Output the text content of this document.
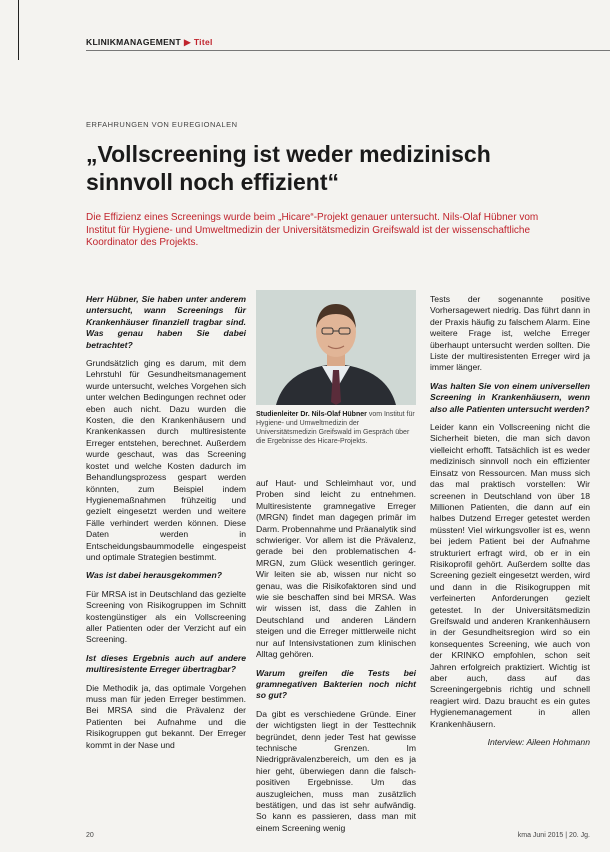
KLINIKMANAGEMENT ▶ Titel
ERFAHRUNGEN VON EUREGIONALEN
„Vollscreening ist weder medizinisch sinnvoll noch effizient“
Die Effizienz eines Screenings wurde beim „Hicare“-Projekt genauer untersucht. Nils-Olaf Hübner vom Institut für Hygiene- und Umweltmedizin der Universitätsmedizin Greifswald ist der wissenschaftliche Koordinator des Projekts.

Herr Hübner, Sie haben unter anderem untersucht, wann Screenings für Krankenhäuser finanziell tragbar sind. Was genau haben Sie dabei betrachtet?

Grundsätzlich ging es darum, mit dem Lehrstuhl für Gesundheitsmanagement wurde untersucht, welches Vorgehen sich unter welchen Bedingungen rechnet oder eben auch nicht. Dazu wurden die Kosten, die den Krankenhäusern und Krankenkassen durch multiresistente Erreger entstehen, berechnet. Außerdem wurde geschaut, was das Screening kostet und welche Kosten dadurch im Behandlungsprozess gespart werden könnten, zum Beispiel indem Hygienemaßnahmen frühzeitig und gezielt eingesetzt werden und weitere Fälle verhindert werden können. Diese Daten werden in Entscheidungsbaummodelle eingespeist und optimale Strategien bestimmt.

Was ist dabei herausgekommen?

Für MRSA ist in Deutschland das gezielte Screening von Risikogruppen im Schnitt kostengünstiger als ein Vollscreening aller Patienten oder der Verzicht auf ein Screening.

Ist dieses Ergebnis auch auf andere multiresistente Erreger übertragbar?

Die Methodik ja, das optimale Vorgehen muss man für jeden Erreger bestimmen. Bei MRSA sind die Prävalenz der Patienten bei Aufnahme und die Risikogruppen gut bekannt. Der Erreger kommt in der Nase und

Studienleiter Dr. Nils-Olaf Hübner vom Institut für Hygiene- und Umweltmedizin der Universitätsmedizin Greifswald im Gespräch über die Ergebnisse des Hicare-Projekts.

auf Haut- und Schleimhaut vor, und Proben sind leicht zu entnehmen. Multiresistente gramnegative Erreger (MRGN) findet man dagegen primär im Darm. Probennahme und Präanalytik sind schwieriger. Vor allem ist die Prävalenz, gerade bei den problematischen 4-MRGN, zum Glück wesentlich geringer. Wir leiten sie ab, wissen nur nicht so genau, was die Risikofaktoren sind und wie sie beschaffen sind bei MRSA. Was wir wissen ist, dass die Zahlen in Deutschland und anderen Ländern steigen und die Erreger mittlerweile nicht nur auf Intensivstationen zum klinischen Alltag gehören.

Warum greifen die Tests bei gramnegativen Bakterien noch nicht so gut?

Da gibt es verschiedene Gründe. Einer der wichtigsten liegt in der Testtechnik begründet, denn jeder Test hat gewisse technische Grenzen. Im Niedrigprävalenzbereich, um den es ja hier geht, überwiegen dann die falsch-positiven Ergebnisse. Um das auszugleichen, muss man zusätzlich bestätigen, und das ist sehr aufwändig. So kann es passieren, dass man mit einem Screening wenig

Tests der sogenannte positive Vorhersagewert niedrig. Das führt dann in der Praxis häufig zu falschem Alarm. Eine weitere Frage ist, welche Erreger überhaupt untersucht werden sollten. Die Liste der multiresistenten Erreger wird ja immer länger.

Was halten Sie von einem universellen Screening in Krankenhäusern, wenn also alle Patienten untersucht werden?

Leider kann ein Vollscreening nicht die Sicherheit bieten, die man sich davon vielleicht erhofft. Tatsächlich ist es weder medizinisch sinnvoll noch ein effizienter Einsatz von Ressourcen. Man muss sich das mal praktisch vorstellen: Wir screenen in Deutschland von über 18 Millionen Patienten, die dann auf ein halbes Dutzend Erreger getestet werden müssten! Viel wirkungsvoller ist es, wenn bei jedem Patient bei der Aufnahme strukturiert erfragt wird, ob er in ein Risikoprofil gehört. Außerdem sollte das Screening gezielt eingesetzt werden, wird und dann in die Risikogruppen mit verfeinerten Anforderungen gezielt getestet. In der Universitätsmedizin Greifswald und anderen Krankenhäusern in der Gesundheitsregion wird so ein konsequentes Screening, wie auch von der KRINKO empfohlen, schon seit Jahren erfolgreich praktiziert. Wichtig ist aber auch, dass auf das Screeningergebnis richtig und schnell reagiert wird. Dazu braucht es ein gutes Hygienemanagement in allen Krankenhäusern.

Interview: Aileen Hohmann

20	kma Juni 2015 | 20. Jg.
